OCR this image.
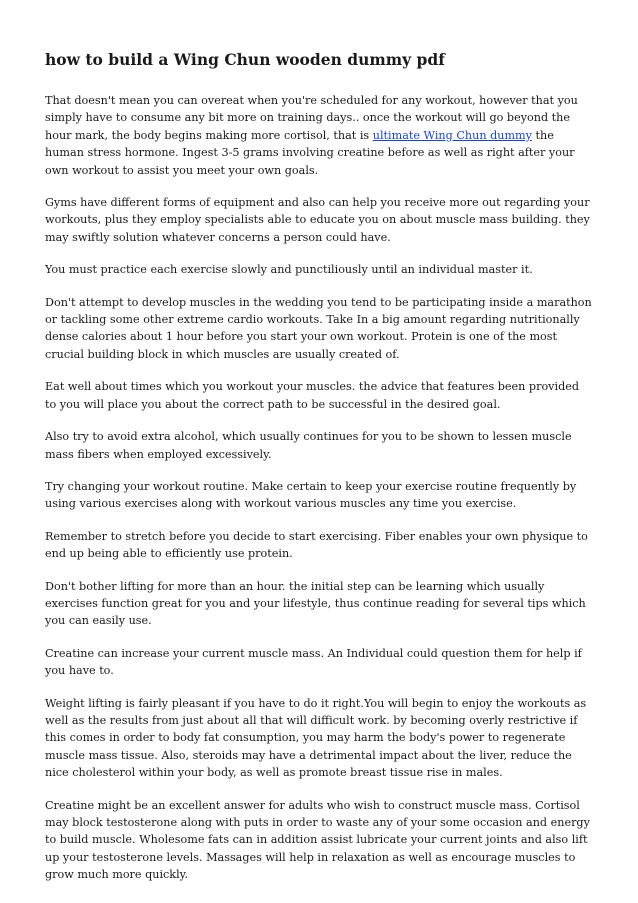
how to build a Wing Chun wooden dummy pdf

That doesn't mean you can overeat when you're scheduled for any workout, however that you simply have to consume any bit more on training days.. once the workout will go beyond the hour mark, the body begins making more cortisol, that is ultimate Wing Chun dummy the human stress hormone. Ingest 3-5 grams involving creatine before as well as right after your own workout to assist you meet your own goals.

Gyms have different forms of equipment and also can help you receive more out regarding your workouts, plus they employ specialists able to educate you on about muscle mass building. they may swiftly solution whatever concerns a person could have.

You must practice each exercise slowly and punctiliously until an individual master it.

Don't attempt to develop muscles in the wedding you tend to be participating inside a marathon or tackling some other extreme cardio workouts. Take In a big amount regarding nutritionally dense calories about 1 hour before you start your own workout. Protein is one of the most crucial building block in which muscles are usually created of.

Eat well about times which you workout your muscles. the advice that features been provided to you will place you about the correct path to be successful in the desired goal.

Also try to avoid extra alcohol, which usually continues for you to be shown to lessen muscle mass fibers when employed excessively.

Try changing your workout routine. Make certain to keep your exercise routine frequently by using various exercises along with workout various muscles any time you exercise.

Remember to stretch before you decide to start exercising. Fiber enables your own physique to end up being able to efficiently use protein.

Don't bother lifting for more than an hour. the initial step can be learning which usually exercises function great for you and your lifestyle, thus continue reading for several tips which you can easily use.

Creatine can increase your current muscle mass. An Individual could question them for help if you have to.

Weight lifting is fairly pleasant if you have to do it right.You will begin to enjoy the workouts as well as the results from just about all that will difficult work. by becoming overly restrictive if this comes in order to body fat consumption, you may harm the body's power to regenerate muscle mass tissue. Also, steroids may have a detrimental impact about the liver, reduce the nice cholesterol within your body, as well as promote breast tissue rise in males.

Creatine might be an excellent answer for adults who wish to construct muscle mass. Cortisol may block testosterone along with puts in order to waste any of your some occasion and energy to build muscle. Wholesome fats can in addition assist lubricate your current joints and also lift up your testosterone levels. Massages will help in relaxation as well as encourage muscles to grow much more quickly.
